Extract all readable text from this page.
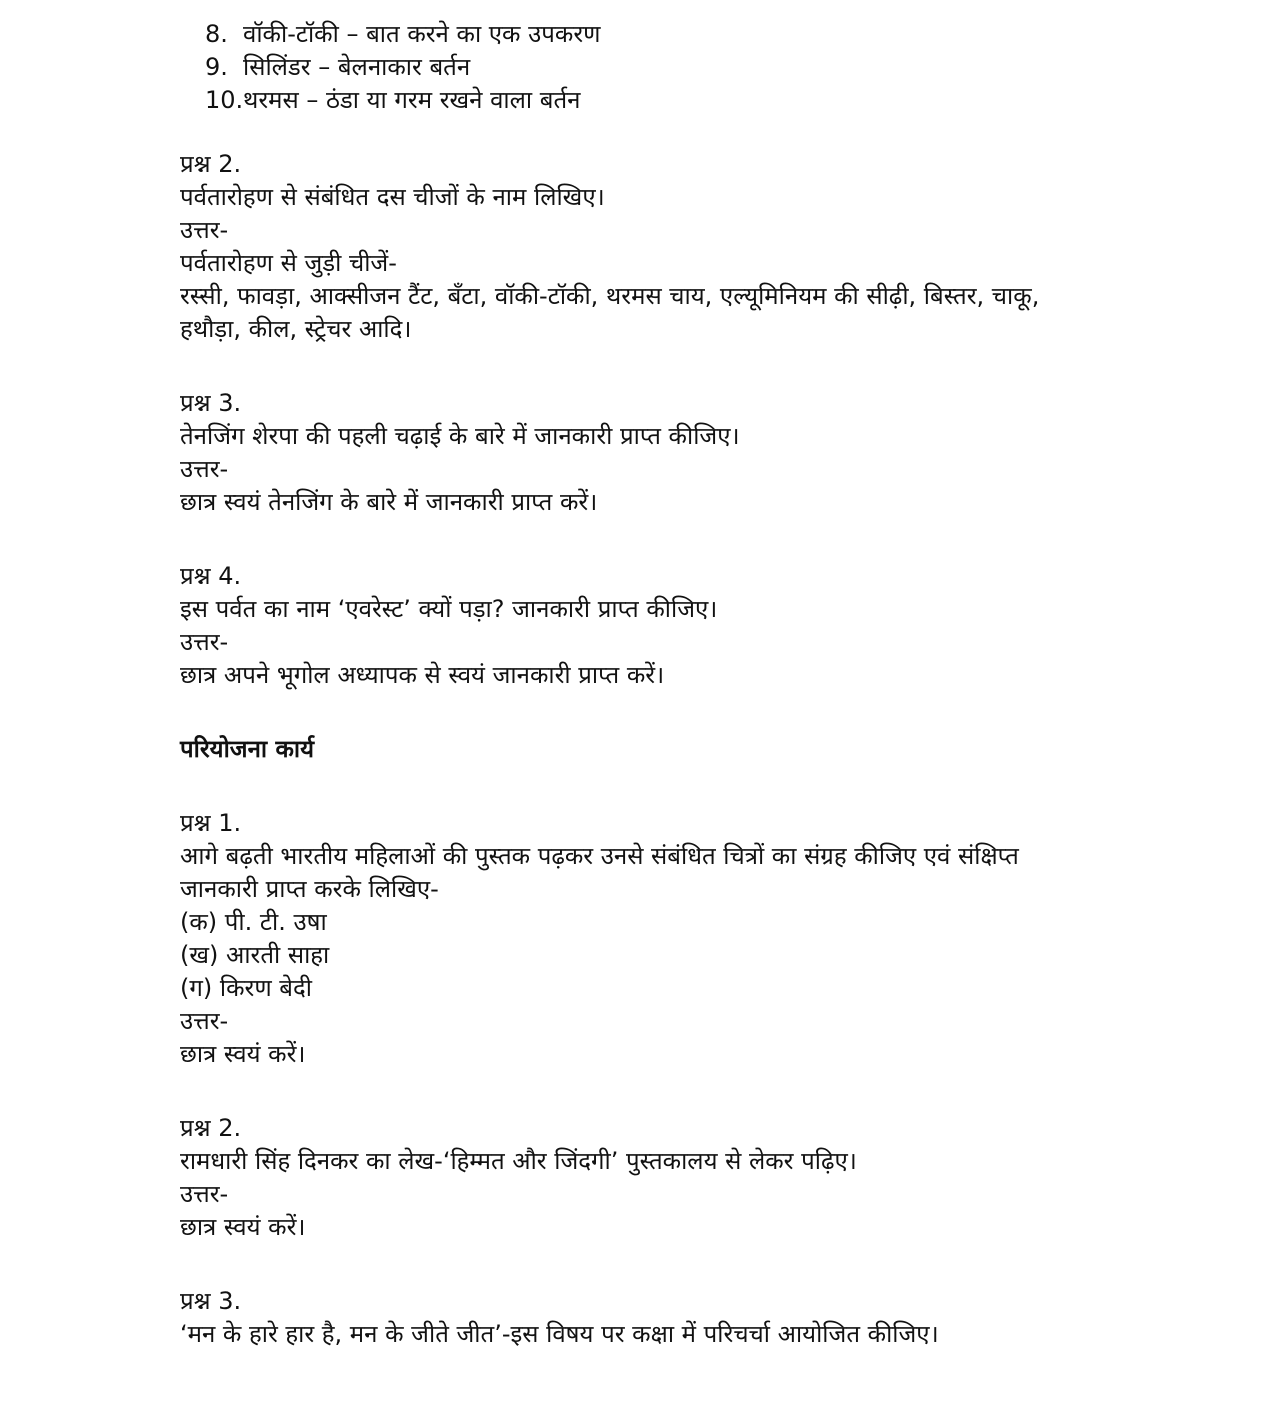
8. वॉकी-टॉकी – बात करने का एक उपकरण
9. सिलिंडर – बेलनाकार बर्तन
10. थरमस – ठंडा या गरम रखने वाला बर्तन
प्रश्न 2.
पर्वतारोहण से संबंधित दस चीजों के नाम लिखिए।
उत्तर-
पर्वतारोहण से जुड़ी चीजें-
रस्सी, फावड़ा, आक्सीजन टैंट, बँटा, वॉकी-टॉकी, थरमस चाय, एल्यूमिनियम की सीढ़ी, बिस्तर, चाकू,
हथौड़ा, कील, स्ट्रेचर आदि।
प्रश्न 3.
तेनजिंग शेरपा की पहली चढ़ाई के बारे में जानकारी प्राप्त कीजिए।
उत्तर-
छात्र स्वयं तेनजिंग के बारे में जानकारी प्राप्त करें।
प्रश्न 4.
इस पर्वत का नाम ‘एवरेस्ट’ क्यों पड़ा? जानकारी प्राप्त कीजिए।
उत्तर-
छात्र अपने भूगोल अध्यापक से स्वयं जानकारी प्राप्त करें।
परियोजना कार्य
प्रश्न 1.
आगे बढ़ती भारतीय महिलाओं की पुस्तक पढ़कर उनसे संबंधित चित्रों का संग्रह कीजिए एवं संक्षिप्त
जानकारी प्राप्त करके लिखिए-
(क) पी. टी. उषा
(ख) आरती साहा
(ग) किरण बेदी
उत्तर-
छात्र स्वयं करें।
प्रश्न 2.
रामधारी सिंह दिनकर का लेख-‘हिम्मत और जिंदगी’ पुस्तकालय से लेकर पढ़िए।
उत्तर-
छात्र स्वयं करें।
प्रश्न 3.
‘मन के हारे हार है, मन के जीते जीत’-इस विषय पर कक्षा में परिचर्चा आयोजित कीजिए।
